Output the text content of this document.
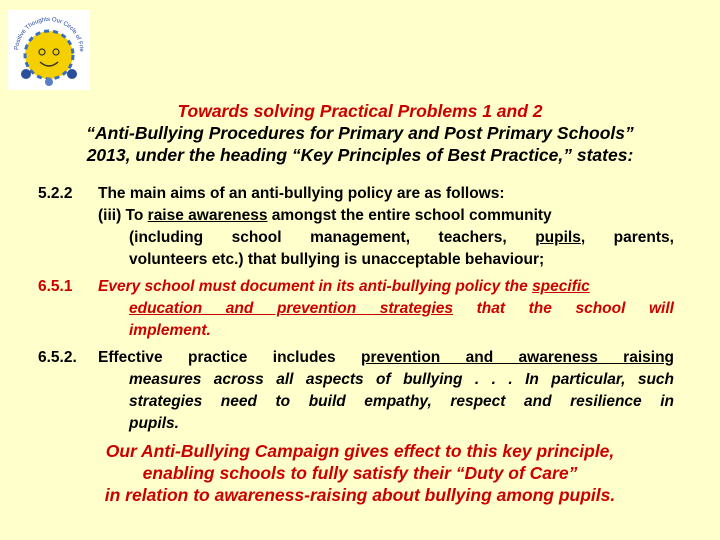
Positive Thoughts Our Circle of Frie
Towards solving Practical Problems 1 and 2
“Anti-Bullying Procedures for Primary and Post Primary Schools”
2013, under the heading “Key Principles of Best Practice,” states:
5.2.2 The main aims of an anti-bullying policy are as follows:
(iii) To raise awareness amongst the entire school community
(including school management, teachers, pupils, parents,
volunteers etc.) that bullying is unacceptable behaviour;
6.5.1 Every school must document in its anti-bullying policy the specific
education and prevention strategies that the school will
implement.
6.5.2. Effective practice includes prevention and awareness raising
measures across all aspects of bullying . . . In particular, such
strategies need to build empathy, respect and resilience in
pupils.
Our Anti-Bullying Campaign gives effect to this key principle,
enabling schools to fully satisfy their “Duty of Care”
in relation to awareness-raising about bullying among pupils.
